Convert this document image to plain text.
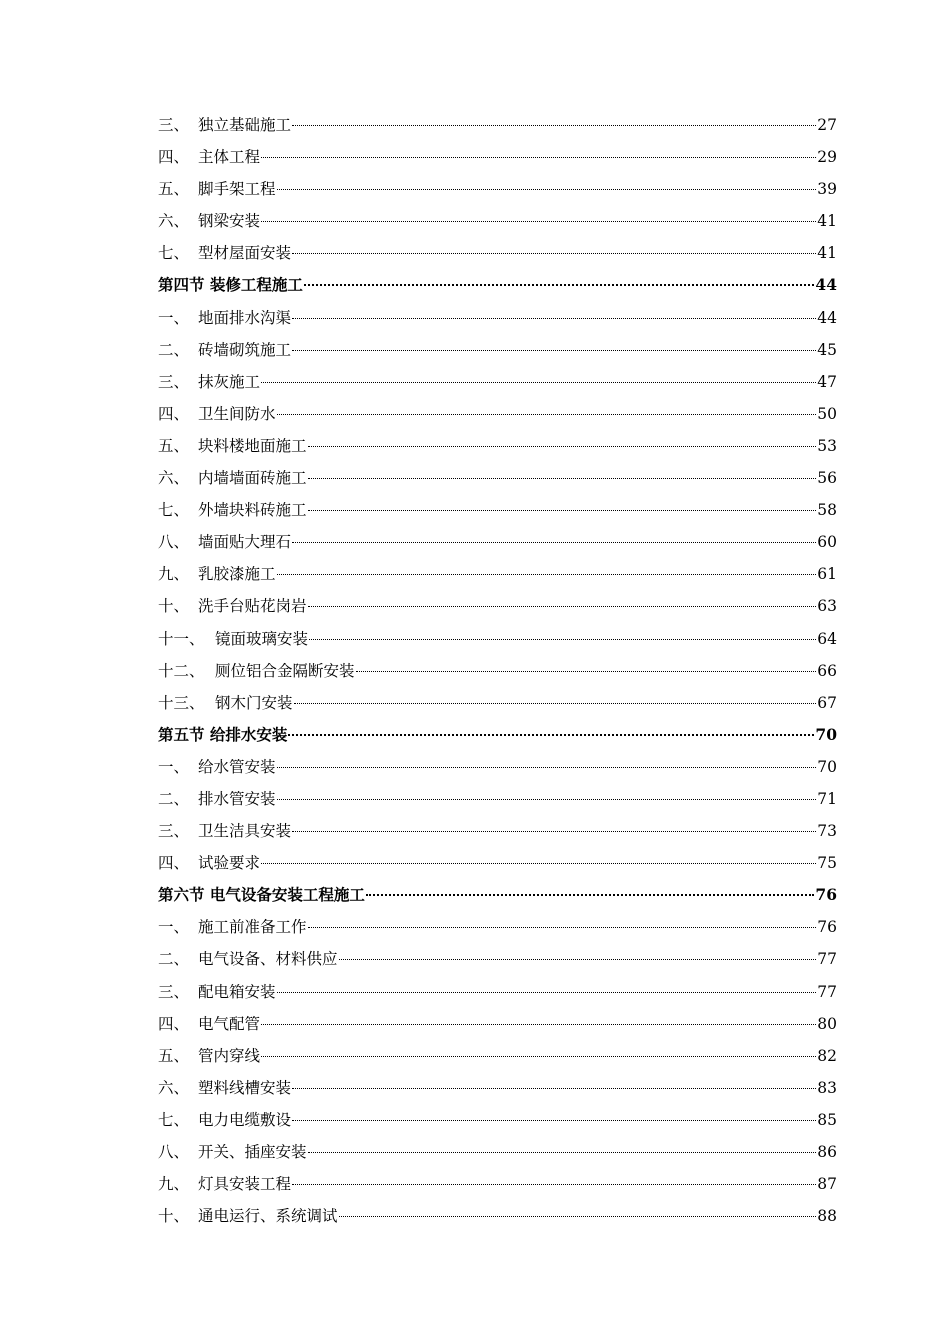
三、 独立基础施工	27
四、 主体工程	29
五、 脚手架工程	39
六、 钢梁安装	41
七、 型材屋面安装	41
第四节 装修工程施工	44
一、 地面排水沟渠	44
二、 砖墙砌筑施工	45
三、 抹灰施工	47
四、 卫生间防水	50
五、 块料楼地面施工	53
六、 内墙墙面砖施工	56
七、 外墙块料砖施工	58
八、 墙面贴大理石	60
九、 乳胶漆施工	61
十、 洗手台贴花岗岩	63
十一、 镜面玻璃安装	64
十二、 厕位铝合金隔断安装	66
十三、 钢木门安装	67
第五节 给排水安装	70
一、 给水管安装	70
二、 排水管安装	71
三、 卫生洁具安装	73
四、 试验要求	75
第六节 电气设备安装工程施工	76
一、 施工前准备工作	76
二、 电气设备、材料供应	77
三、 配电箱安装	77
四、 电气配管	80
五、 管内穿线	82
六、 塑料线槽安装	83
七、 电力电缆敷设	85
八、 开关、插座安装	86
九、 灯具安装工程	87
十、 通电运行、系统调试	88
